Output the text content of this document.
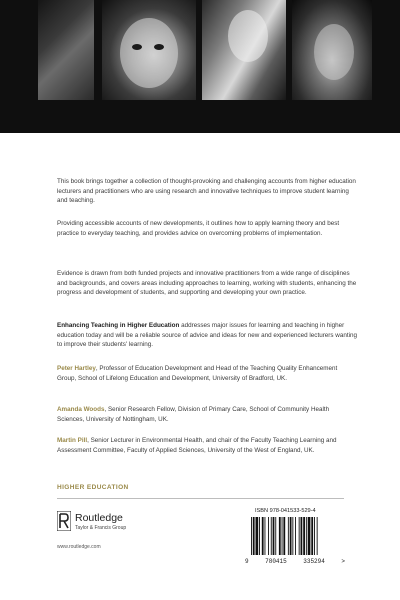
This book brings together a collection of thought-provoking and challenging accounts from higher education lecturers and practitioners who are using research and innovative techniques to improve student learning and teaching.

Providing accessible accounts of new developments, it outlines how to apply learning theory and best practice to everyday teaching, and provides advice on overcoming problems of implementation.

Evidence is drawn from both funded projects and innovative practitioners from a wide range of disciplines and backgrounds, and covers areas including approaches to learning, working with students, enhancing the progress and development of students, and supporting and developing your own practice.

Enhancing Teaching in Higher Education addresses major issues for learning and teaching in higher education today and will be a reliable source of advice and ideas for new and experienced lecturers wanting to improve their students' learning.

Peter Hartley, Professor of Education Development and Head of the Teaching Quality Enhancement Group, School of Lifelong Education and Development, University of Bradford, UK.

Amanda Woods, Senior Research Fellow, Division of Primary Care, School of Community Health Sciences, University of Nottingham, UK.

Martin Pill, Senior Lecturer in Environmental Health, and chair of the Faculty Teaching Learning and Assessment Committee, Faculty of Applied Sciences, University of the West of England, UK.

HIGHER EDUCATION
Routledge
Taylor & Francis Group
www.routledge.com
ISBN 978-041533-529-4
9	780415	335294	>
